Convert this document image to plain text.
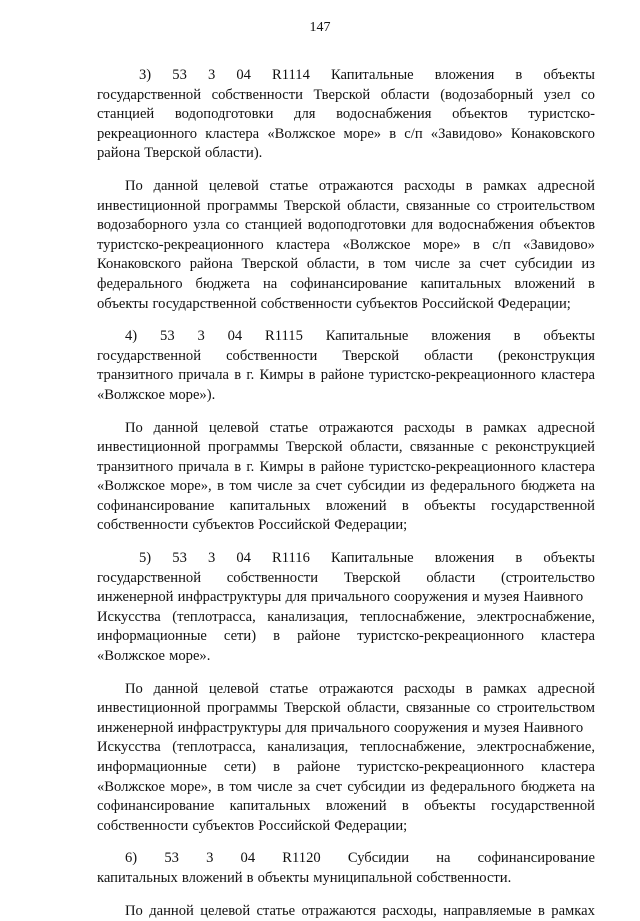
147
3) 53 3 04 R1114 Капитальные вложения в объекты
государственной собственности Тверской области (водозаборный узел со
станцией водоподготовки для водоснабжения объектов туристско-
рекреационного кластера «Волжское море» в с/п «Завидово» Конаковского
района Тверской области).
По данной целевой статье отражаются расходы в рамках адресной
инвестиционной программы Тверской области, связанные со строительством
водозаборного узла со станцией водоподготовки для водоснабжения объектов
туристско-рекреационного кластера «Волжское море» в с/п «Завидово»
Конаковского района Тверской области, в том числе за счет субсидии из
федерального бюджета на софинансирование капитальных вложений в
объекты государственной собственности субъектов Российской Федерации;
4) 53 3 04 R1115 Капитальные вложения в объекты
государственной собственности Тверской области (реконструкция
транзитного причала в г. Кимры в районе туристско-рекреационного кластера
«Волжское море»).
По данной целевой статье отражаются расходы в рамках адресной
инвестиционной программы Тверской области, связанные с реконструкцией
транзитного причала в г. Кимры в районе туристско-рекреационного кластера
«Волжское море», в том числе за счет субсидии из федерального бюджета на
софинансирование капитальных вложений в объекты государственной
собственности субъектов Российской Федерации;
5) 53 3 04 R1116 Капитальные вложения в объекты
государственной собственности Тверской области (строительство
инженерной инфраструктуры для причального сооружения и музея Наивного
Искусства (теплотрасса, канализация, теплоснабжение, электроснабжение,
информационные сети) в районе туристско-рекреационного кластера
«Волжское море».
По данной целевой статье отражаются расходы в рамках адресной
инвестиционной программы Тверской области, связанные со строительством
инженерной инфраструктуры для причального сооружения и музея Наивного
Искусства (теплотрасса, канализация, теплоснабжение, электроснабжение,
информационные сети) в районе туристско-рекреационного кластера
«Волжское море», в том числе за счет субсидии из федерального бюджета на
софинансирование капитальных вложений в объекты государственной
собственности субъектов Российской Федерации;
6) 53 3 04 R1120 Субсидии на софинансирование
капитальных вложений в объекты муниципальной собственности.
По данной целевой статье отражаются расходы, направляемые в рамках
